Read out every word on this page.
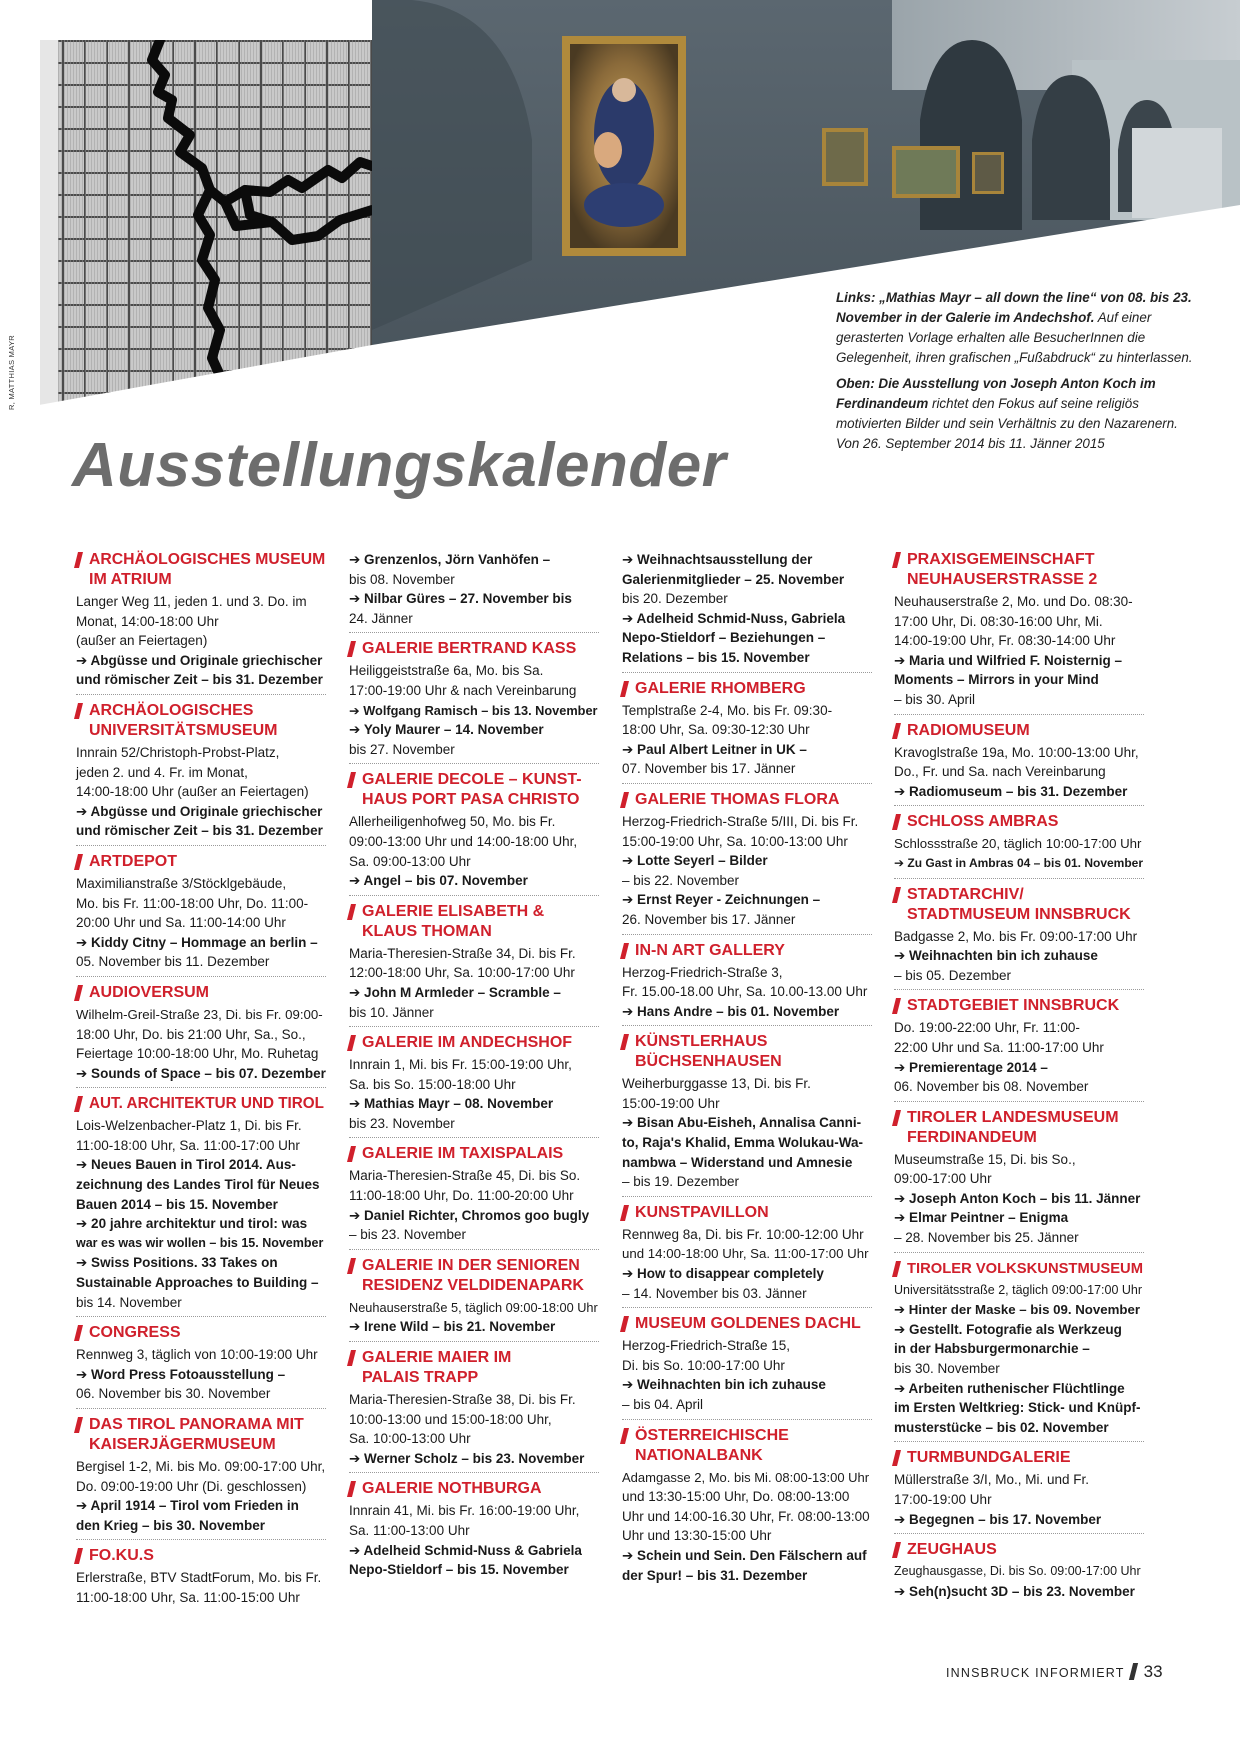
© LACKNER, MATTHIAS MAYR

Links: „Mathias Mayr – all down the line“ von 08. bis 23. November in der Galerie im Andechshof. Auf einer gerasterten Vorlage erhalten alle BesucherInnen die Gelegenheit, ihren grafischen „Fußabdruck“ zu hinterlassen.

Oben: Die Ausstellung von Joseph Anton Koch im Ferdinandeum richtet den Fokus auf seine religiös motivierten Bilder und sein Verhältnis zu den Nazarenern. Von 26. September 2014 bis 11. Jänner 2015

Ausstellungskalender
ARCHÄOLOGISCHES MUSEUM
IM ATRIUM
Langer Weg 11, jeden 1. und 3. Do. im
Monat, 14:00-18:00 Uhr
(außer an Feiertagen)
➔ Abgüsse und Originale griechischer
und römischer Zeit – bis 31. Dezember
ARCHÄOLOGISCHES
UNIVERSITÄTSMUSEUM
Innrain 52/Christoph-Probst-Platz,
jeden 2. und 4. Fr. im Monat,
14:00-18:00 Uhr (außer an Feiertagen)
➔ Abgüsse und Originale griechischer
und römischer Zeit – bis 31. Dezember
ARTDEPOT
Maximilianstraße 3/Stöcklgebäude,
Mo. bis Fr. 11:00-18:00 Uhr, Do. 11:00-
20:00 Uhr und Sa. 11:00-14:00 Uhr
➔ Kiddy Citny – Hommage an berlin –
05. November bis 11. Dezember
AUDIOVERSUM
Wilhelm-Greil-Straße 23, Di. bis Fr. 09:00-
18:00 Uhr, Do. bis 21:00 Uhr, Sa., So.,
Feiertage 10:00-18:00 Uhr, Mo. Ruhetag
➔ Sounds of Space – bis 07. Dezember
AUT. ARCHITEKTUR UND TIROL
Lois-Welzenbacher-Platz 1, Di. bis Fr.
11:00-18:00 Uhr, Sa. 11:00-17:00 Uhr
➔ Neues Bauen in Tirol 2014. Aus-
zeichnung des Landes Tirol für Neues
Bauen 2014 – bis 15. November
➔ 20 jahre architektur und tirol: was
war es was wir wollen – bis 15. November
➔ Swiss Positions. 33 Takes on
Sustainable Approaches to Building –
bis 14. November
CONGRESS
Rennweg 3, täglich von 10:00-19:00 Uhr
➔ Word Press Fotoausstellung –
06. November bis 30. November
DAS TIROL PANORAMA MIT
KAISERJÄGERMUSEUM
Bergisel 1-2, Mi. bis Mo. 09:00-17:00 Uhr,
Do. 09:00-19:00 Uhr (Di. geschlossen)
➔ April 1914 – Tirol vom Frieden in
den Krieg – bis 30. November
FO.KU.S
Erlerstraße, BTV StadtForum, Mo. bis Fr.
11:00-18:00 Uhr, Sa. 11:00-15:00 Uhr
➔ Grenzenlos, Jörn Vanhöfen –
bis 08. November
➔ Nilbar Güres – 27. November bis
24. Jänner
GALERIE BERTRAND KASS
Heiliggeiststraße 6a, Mo. bis Sa.
17:00-19:00 Uhr & nach Vereinbarung
➔ Wolfgang Ramisch – bis 13. November
➔ Yoly Maurer – 14. November
bis 27. November
GALERIE DECOLE – KUNST-
HAUS PORT PASA CHRISTO
Allerheiligenhofweg 50, Mo. bis Fr.
09:00-13:00 Uhr und 14:00-18:00 Uhr,
Sa. 09:00-13:00 Uhr
➔ Angel – bis 07. November
GALERIE ELISABETH &
KLAUS THOMAN
Maria-Theresien-Straße 34, Di. bis Fr.
12:00-18:00 Uhr, Sa. 10:00-17:00 Uhr
➔ John M Armleder – Scramble –
bis 10. Jänner
GALERIE IM ANDECHSHOF
Innrain 1, Mi. bis Fr. 15:00-19:00 Uhr,
Sa. bis So. 15:00-18:00 Uhr
➔ Mathias Mayr – 08. November
bis 23. November
GALERIE IM TAXISPALAIS
Maria-Theresien-Straße 45, Di. bis So.
11:00-18:00 Uhr, Do. 11:00-20:00 Uhr
➔ Daniel Richter, Chromos goo bugly
– bis 23. November
GALERIE IN DER SENIOREN
RESIDENZ VELDIDENAPARK
Neuhauserstraße 5, täglich 09:00-18:00 Uhr
➔ Irene Wild – bis 21. November
GALERIE MAIER IM
PALAIS TRAPP
Maria-Theresien-Straße 38, Di. bis Fr.
10:00-13:00 und 15:00-18:00 Uhr,
Sa. 10:00-13:00 Uhr
➔ Werner Scholz – bis 23. November
GALERIE NOTHBURGA
Innrain 41, Mi. bis Fr. 16:00-19:00 Uhr,
Sa. 11:00-13:00 Uhr
➔ Adelheid Schmid-Nuss & Gabriela
Nepo-Stieldorf – bis 15. November
➔ Weihnachtsausstellung der
Galerienmitglieder – 25. November
bis 20. Dezember
➔ Adelheid Schmid-Nuss, Gabriela
Nepo-Stieldorf – Beziehungen –
Relations – bis 15. November
GALERIE RHOMBERG
Templstraße 2-4, Mo. bis Fr. 09:30-
18:00 Uhr, Sa. 09:30-12:30 Uhr
➔ Paul Albert Leitner in UK –
07. November bis 17. Jänner
GALERIE THOMAS FLORA
Herzog-Friedrich-Straße 5/III, Di. bis Fr.
15:00-19:00 Uhr, Sa. 10:00-13:00 Uhr
➔ Lotte Seyerl – Bilder
– bis 22. November
➔ Ernst Reyer - Zeichnungen –
26. November bis 17. Jänner
IN-N ART GALLERY
Herzog-Friedrich-Straße 3,
Fr. 15.00-18.00 Uhr, Sa. 10.00-13.00 Uhr
➔ Hans Andre – bis 01. November
KÜNSTLERHAUS
BÜCHSENHAUSEN
Weiherburggasse 13, Di. bis Fr.
15:00-19:00 Uhr
➔ Bisan Abu-Eisheh, Annalisa Canni-
to, Raja's Khalid, Emma Wolukau-Wa-
nambwa – Widerstand und Amnesie
– bis 19. Dezember
KUNSTPAVILLON
Rennweg 8a, Di. bis Fr. 10:00-12:00 Uhr
und 14:00-18:00 Uhr, Sa. 11:00-17:00 Uhr
➔ How to disappear completely
– 14. November bis 03. Jänner
MUSEUM GOLDENES DACHL
Herzog-Friedrich-Straße 15,
Di. bis So. 10:00-17:00 Uhr
➔ Weihnachten bin ich zuhause
– bis 04. April
ÖSTERREICHISCHE
NATIONALBANK
Adamgasse 2, Mo. bis Mi. 08:00-13:00 Uhr
und 13:30-15:00 Uhr, Do. 08:00-13:00
Uhr und 14:00-16.30 Uhr, Fr. 08:00-13:00
Uhr und 13:30-15:00 Uhr
➔ Schein und Sein. Den Fälschern auf
der Spur! – bis 31. Dezember
PRAXISGEMEINSCHAFT
NEUHAUSERSTRASSE 2
Neuhauserstraße 2, Mo. und Do. 08:30-
17:00 Uhr, Di. 08:30-16:00 Uhr, Mi.
14:00-19:00 Uhr, Fr. 08:30-14:00 Uhr
➔ Maria und Wilfried F. Noisternig –
Moments – Mirrors in your Mind
– bis 30. April
RADIOMUSEUM
Kravoglstraße 19a, Mo. 10:00-13:00 Uhr,
Do., Fr. und Sa. nach Vereinbarung
➔ Radiomuseum – bis 31. Dezember
SCHLOSS AMBRAS
Schlossstraße 20, täglich 10:00-17:00 Uhr
➔ Zu Gast in Ambras 04 – bis 01. November
STADTARCHIV/
STADTMUSEUM INNSBRUCK
Badgasse 2, Mo. bis Fr. 09:00-17:00 Uhr
➔ Weihnachten bin ich zuhause
– bis 05. Dezember
STADTGEBIET INNSBRUCK
Do. 19:00-22:00 Uhr, Fr. 11:00-
22:00 Uhr und Sa. 11:00-17:00 Uhr
➔ Premierentage 2014 –
06. November bis 08. November
TIROLER LANDESMUSEUM
FERDINANDEUM
Museumstraße 15, Di. bis So.,
09:00-17:00 Uhr
➔ Joseph Anton Koch – bis 11. Jänner
➔ Elmar Peintner – Enigma
– 28. November bis 25. Jänner
TIROLER VOLKSKUNSTMUSEUM
Universitätsstraße 2, täglich 09:00-17:00 Uhr
➔ Hinter der Maske – bis 09. November
➔ Gestellt. Fotografie als Werkzeug
in der Habsburgermonarchie –
bis 30. November
➔ Arbeiten ruthenischer Flüchtlinge
im Ersten Weltkrieg: Stick- und Knüpf-
musterstücke – bis 02. November
TURMBUNDGALERIE
Müllerstraße 3/I, Mo., Mi. und Fr.
17:00-19:00 Uhr
➔ Begegnen – bis 17. November
ZEUGHAUS
Zeughausgasse, Di. bis So. 09:00-17:00 Uhr
➔ Seh(n)sucht 3D – bis 23. November
INNSBRUCK INFORMIERT 33
